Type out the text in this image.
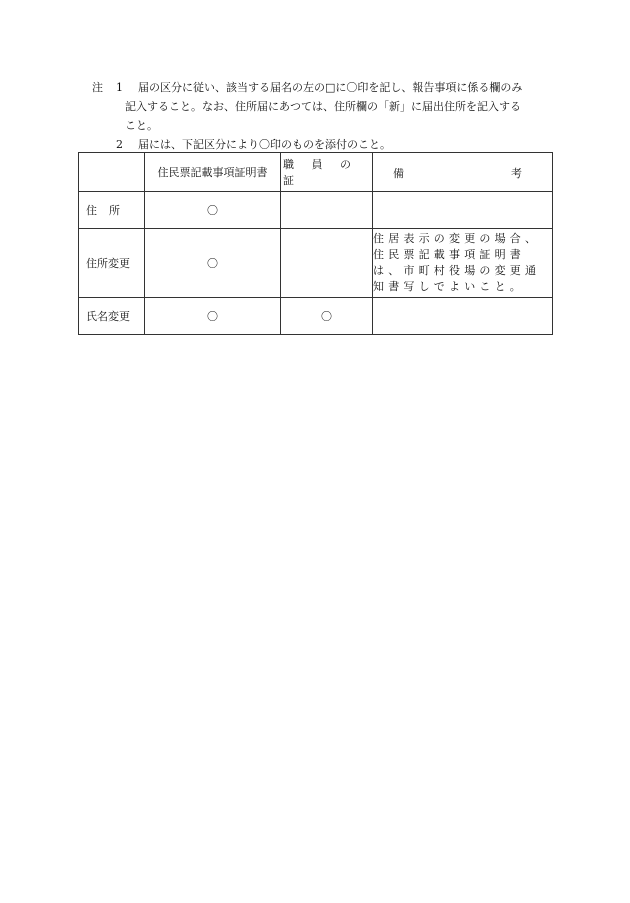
注 1 届の区分に従い、該当する届名の左の□に〇印を記し、報告事項に係る欄のみ
記入すること。なお、住所届にあつては、住所欄の「新」に届出住所を記入する
こと。
2 届には、下記区分により〇印のものを添付のこと。
	住民票記載事項証明書	職 員 の 証	備 考

住所	〇		
住所変更	〇		住居表示の変更の場合、住民票記載事項証明書は、市町村役場の変更通知書写しでよいこと。
氏名変更	〇	〇	
